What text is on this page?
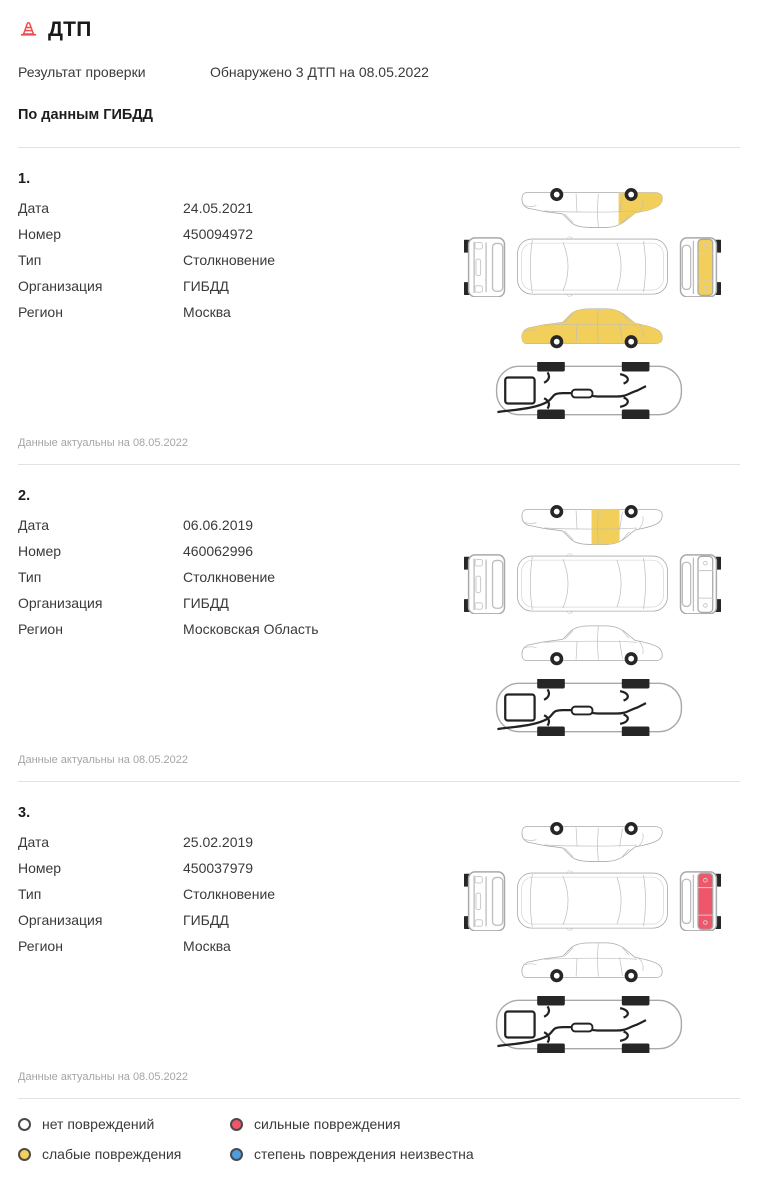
ДТП
Результат проверки	Обнаружено 3 ДТП на 08.05.2022
По данным ГИБДД
1.
Дата	24.05.2021
Номер	450094972
Тип	Столкновение
Организация	ГИБДД
Регион	Москва
Данные актуальны на 08.05.2022
2.
Дата	06.06.2019
Номер	460062996
Тип	Столкновение
Организация	ГИБДД
Регион	Московская Область
Данные актуальны на 08.05.2022
3.
Дата	25.02.2019
Номер	450037979
Тип	Столкновение
Организация	ГИБДД
Регион	Москва
Данные актуальны на 08.05.2022
нет повреждений
слабые повреждения
сильные повреждения
степень повреждения неизвестна
